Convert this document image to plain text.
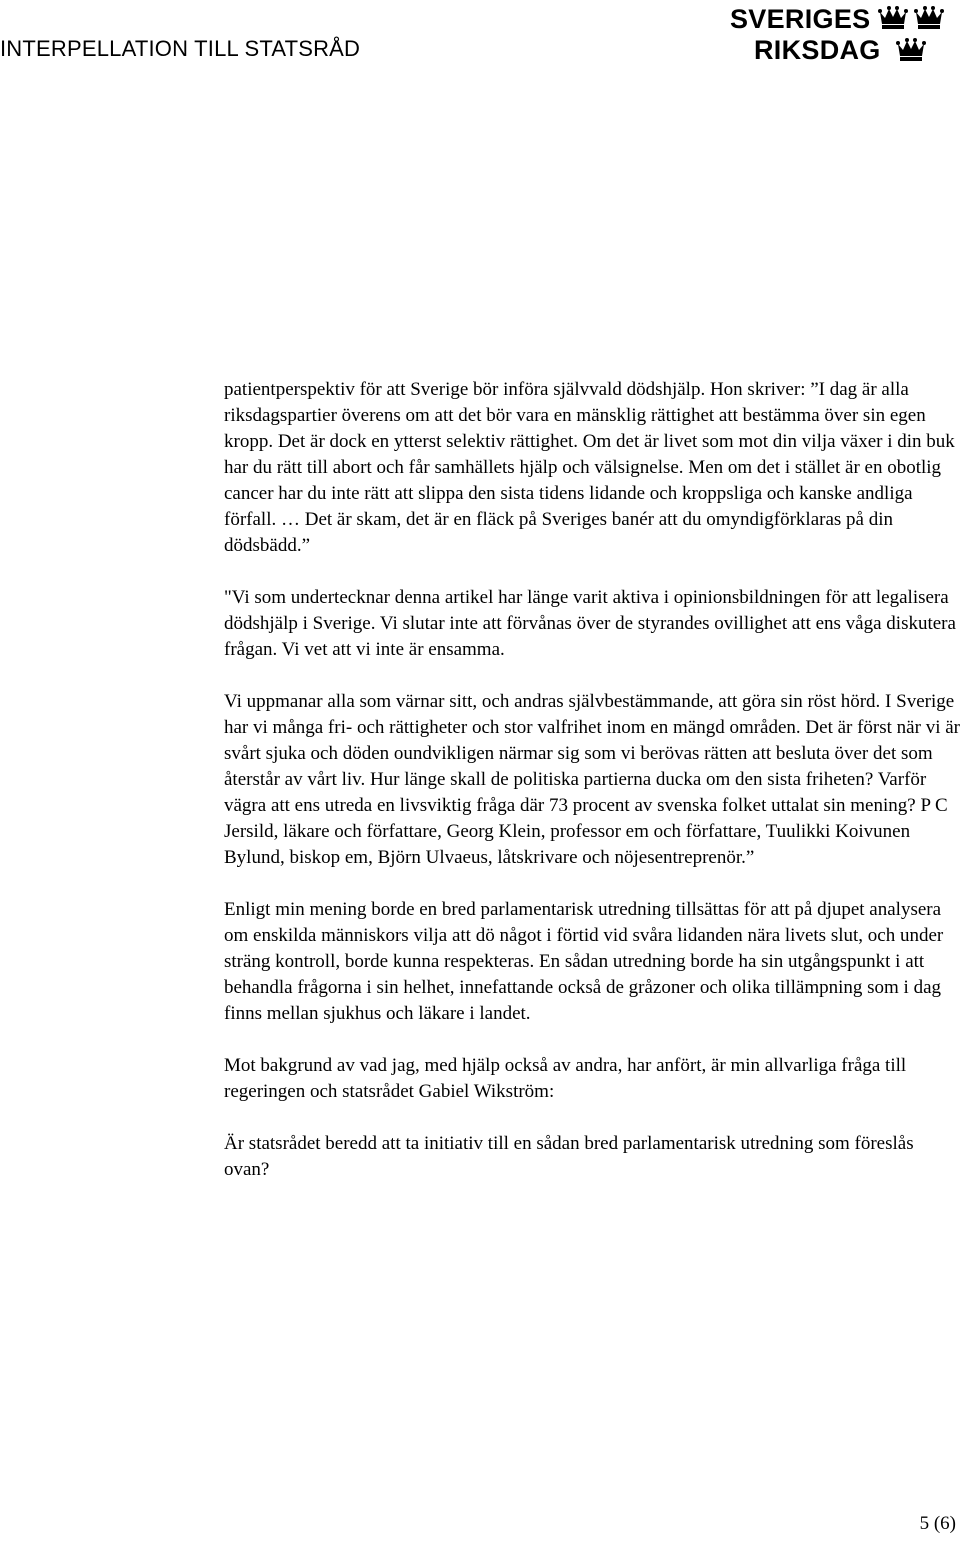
INTERPELLATION TILL STATSRÅD
SVERIGES
RIKSDAG

patientperspektiv för att Sverige bör införa självvald dödshjälp. Hon skriver: ”I dag är alla riksdagspartier överens om att det bör vara en mänsklig rättighet att bestämma över sin egen kropp. Det är dock en ytterst selektiv rättighet. Om det är livet som mot din vilja växer i din buk har du rätt till abort och får samhällets hjälp och välsignelse. Men om det i stället är en obotlig cancer har du inte rätt att slippa den sista tidens lidande och kroppsliga och kanske andliga förfall. … Det är skam, det är en fläck på Sveriges banér att du omyndigförklaras på din dödsbädd.”

"Vi som undertecknar denna artikel har länge varit aktiva i opinionsbildningen för att legalisera dödshjälp i Sverige. Vi slutar inte att förvånas över de styrandes ovillighet att ens våga diskutera frågan. Vi vet att vi inte är ensamma.

Vi uppmanar alla som värnar sitt, och andras självbestämmande, att göra sin röst hörd. I Sverige har vi många fri- och rättigheter och stor valfrihet inom en mängd områden. Det är först när vi är svårt sjuka och döden oundvikligen närmar sig som vi berövas rätten att besluta över det som återstår av vårt liv. Hur länge skall de politiska partierna ducka om den sista friheten? Varför vägra att ens utreda en livsviktig fråga där 73 procent av svenska folket uttalat sin mening? P C Jersild, läkare och författare, Georg Klein, professor em och författare, Tuulikki Koivunen Bylund, biskop em, Björn Ulvaeus, låtskrivare och nöjesentreprenör.”

Enligt min mening borde en bred parlamentarisk utredning tillsättas för att på djupet analysera om enskilda människors vilja att dö något i förtid vid svåra lidanden nära livets slut, och under sträng kontroll, borde kunna respekteras. En sådan utredning borde ha sin utgångspunkt i att behandla frågorna i sin helhet, innefattande också de gråzoner och olika tillämpning som i dag finns mellan sjukhus och läkare i landet.

Mot bakgrund av vad jag, med hjälp också av andra, har anfört, är min allvarliga fråga till regeringen och statsrådet Gabiel Wikström:

Är statsrådet beredd att ta initiativ till en sådan bred parlamentarisk utredning som föreslås ovan?

5 (6)
